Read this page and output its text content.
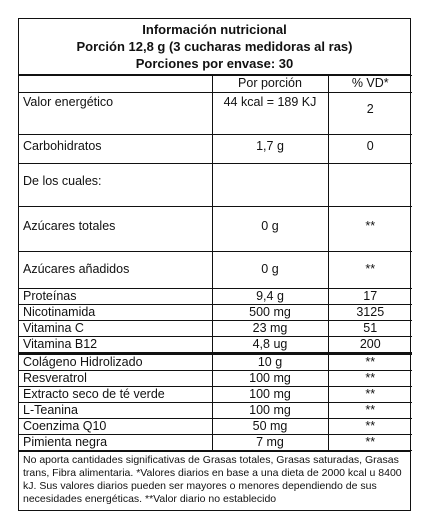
Información nutricional
Porción 12,8 g (3 cucharas medidoras al ras)
Porciones por envase: 30
	Por porción	% VD*
Valor energético	44 kcal = 189 KJ	2
Carbohidratos	1,7 g	0
De los cuales:		
Azúcares totales	0 g	**
Azúcares añadidos	0 g	**
Proteínas	9,4 g	17
Nicotinamida	500 mg	3125
Vitamina C	23 mg	51
Vitamina B12	4,8 ug	200
Colágeno Hidrolizado	10 g	**
Resveratrol	100 mg	**
Extracto seco de té verde	100 mg	**
L-Teanina	100 mg	**
Coenzima Q10	50 mg	**
Pimienta negra	7 mg	**
No aporta cantidades significativas de Grasas totales, Grasas saturadas, Grasas trans, Fibra alimentaria. *Valores diarios en base a una dieta de 2000 kcal u 8400 kJ. Sus valores diarios pueden ser mayores o menores dependiendo de sus necesidades energéticas. **Valor diario no establecido
